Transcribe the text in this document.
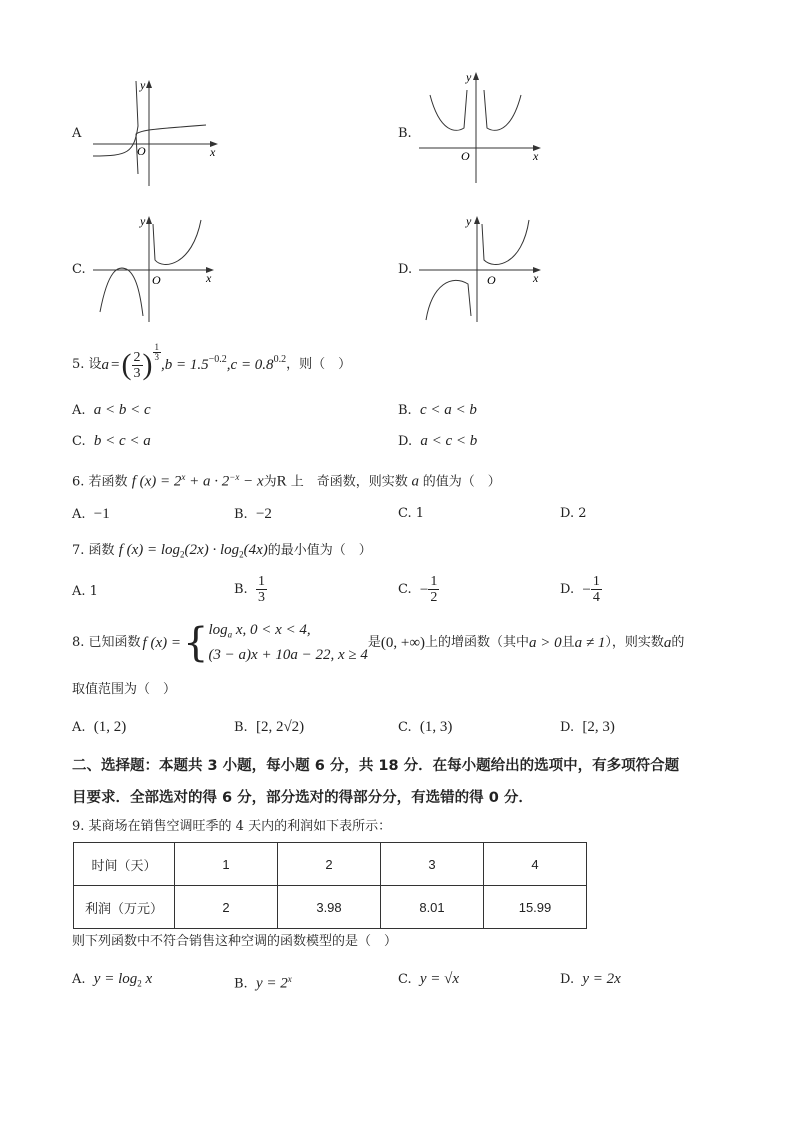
A
y
x
O
B.
y
x
O
C.
y
x
O
D.
y
x
O
5. 设 a = ( $\frac{2}{3}$ ) $\frac{1}{3}$
$,b = 1.5^{-0.2}$ $,c = 0.8^{0.2}$ ，则（　）
A. a < b < c	B. c < a < b
C. b < c < a	D. a < c < b
6. 若函数 f $(x) = 2^x + a \cdot 2^{-x} - x$为R 上　奇函数，则实数 a 的值为（　）
A. −1	B. −2	C. 1	D. 2
7. 函数 f $(x) = \log_2(2x) \cdot \log_2(4x)$的最小值为（　）
A. 1	B.
$\frac{1}{3}$	C.
− $\frac{1}{2}$	D.
− $\frac{1}{4}$
8. 已知函数 f (x) = { $\log_a x$, 0 < x < 4,
(3 − a)x + 10a − 22, x ≥ 4
是 (0, +∞) 上的增函数（其中 a > 0 且 a ≠ 1 ），则实数 a 的
取值范围为（　）
A. (1, 2)	B. [2, 2√2)	C. (1, 3)	D. [2, 3)
二、选择题：本题共 3 小题，每小题 6 分，共 18 分．在每小题给出的选项中，有多项符合题
目要求．全部选对的得 6 分，部分选对的得部分分，有选错的得 0 分．
9. 某商场在销售空调旺季的 4 天内的利润如下表所示：
时间（天）	1	2	3	4
利润（万元）	2	3.98	8.01	15.99
则下列函数中不符合销售这种空调的函数模型的是（　）
A. $y = \log_2 x$	B. $y = 2^x$	C. y = √x	D. y = 2x
